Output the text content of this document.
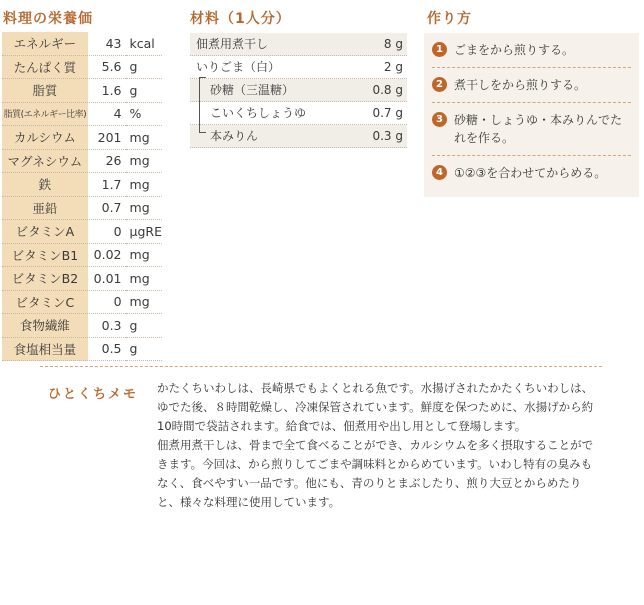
料理の栄養価	材料（1人分）	作り方
エネルギー	43	kcal
たんぱく質	5.6	g
脂質	1.6	g
脂質(エネルギー比率)	4	%
カルシウム	201	mg
マグネシウム	26	mg
鉄	1.7	mg
亜鉛	0.7	mg
ビタミンA	0	μgRE
ビタミンB1	0.02	mg
ビタミンB2	0.01	mg
ビタミンC	0	mg
食物繊維	0.3	g
食塩相当量	0.5	g
佃煮用煮干し	8 g
いりごま（白）	2 g
砂糖（三温糖）	0.8 g
こいくちしょうゆ	0.7 g
本みりん	0.3 g
1 ごまをから煎りする。
2 煮干しをから煎りする。
3 砂糖・しょうゆ・本みりんでたれを作る。
4 ①②③を合わせてからめる。
ひとくちメモ かたくちいわしは、長崎県でもよくとれる魚です。水揚げされたかたくちいわしは、ゆでた後、８時間乾燥し、冷凍保管されています。鮮度を保つために、水揚げから約10時間で袋詰されます。給食では、佃煮用や出し用として登場します。

佃煮用煮干しは、骨まで全て食べることができ、カルシウムを多く摂取することができます。今回は、から煎りしてごまや調味料とからめています。いわし特有の臭みもなく、食べやすい一品です。他にも、青のりとまぶしたり、煎り大豆とからめたりと、様々な料理に使用しています。
